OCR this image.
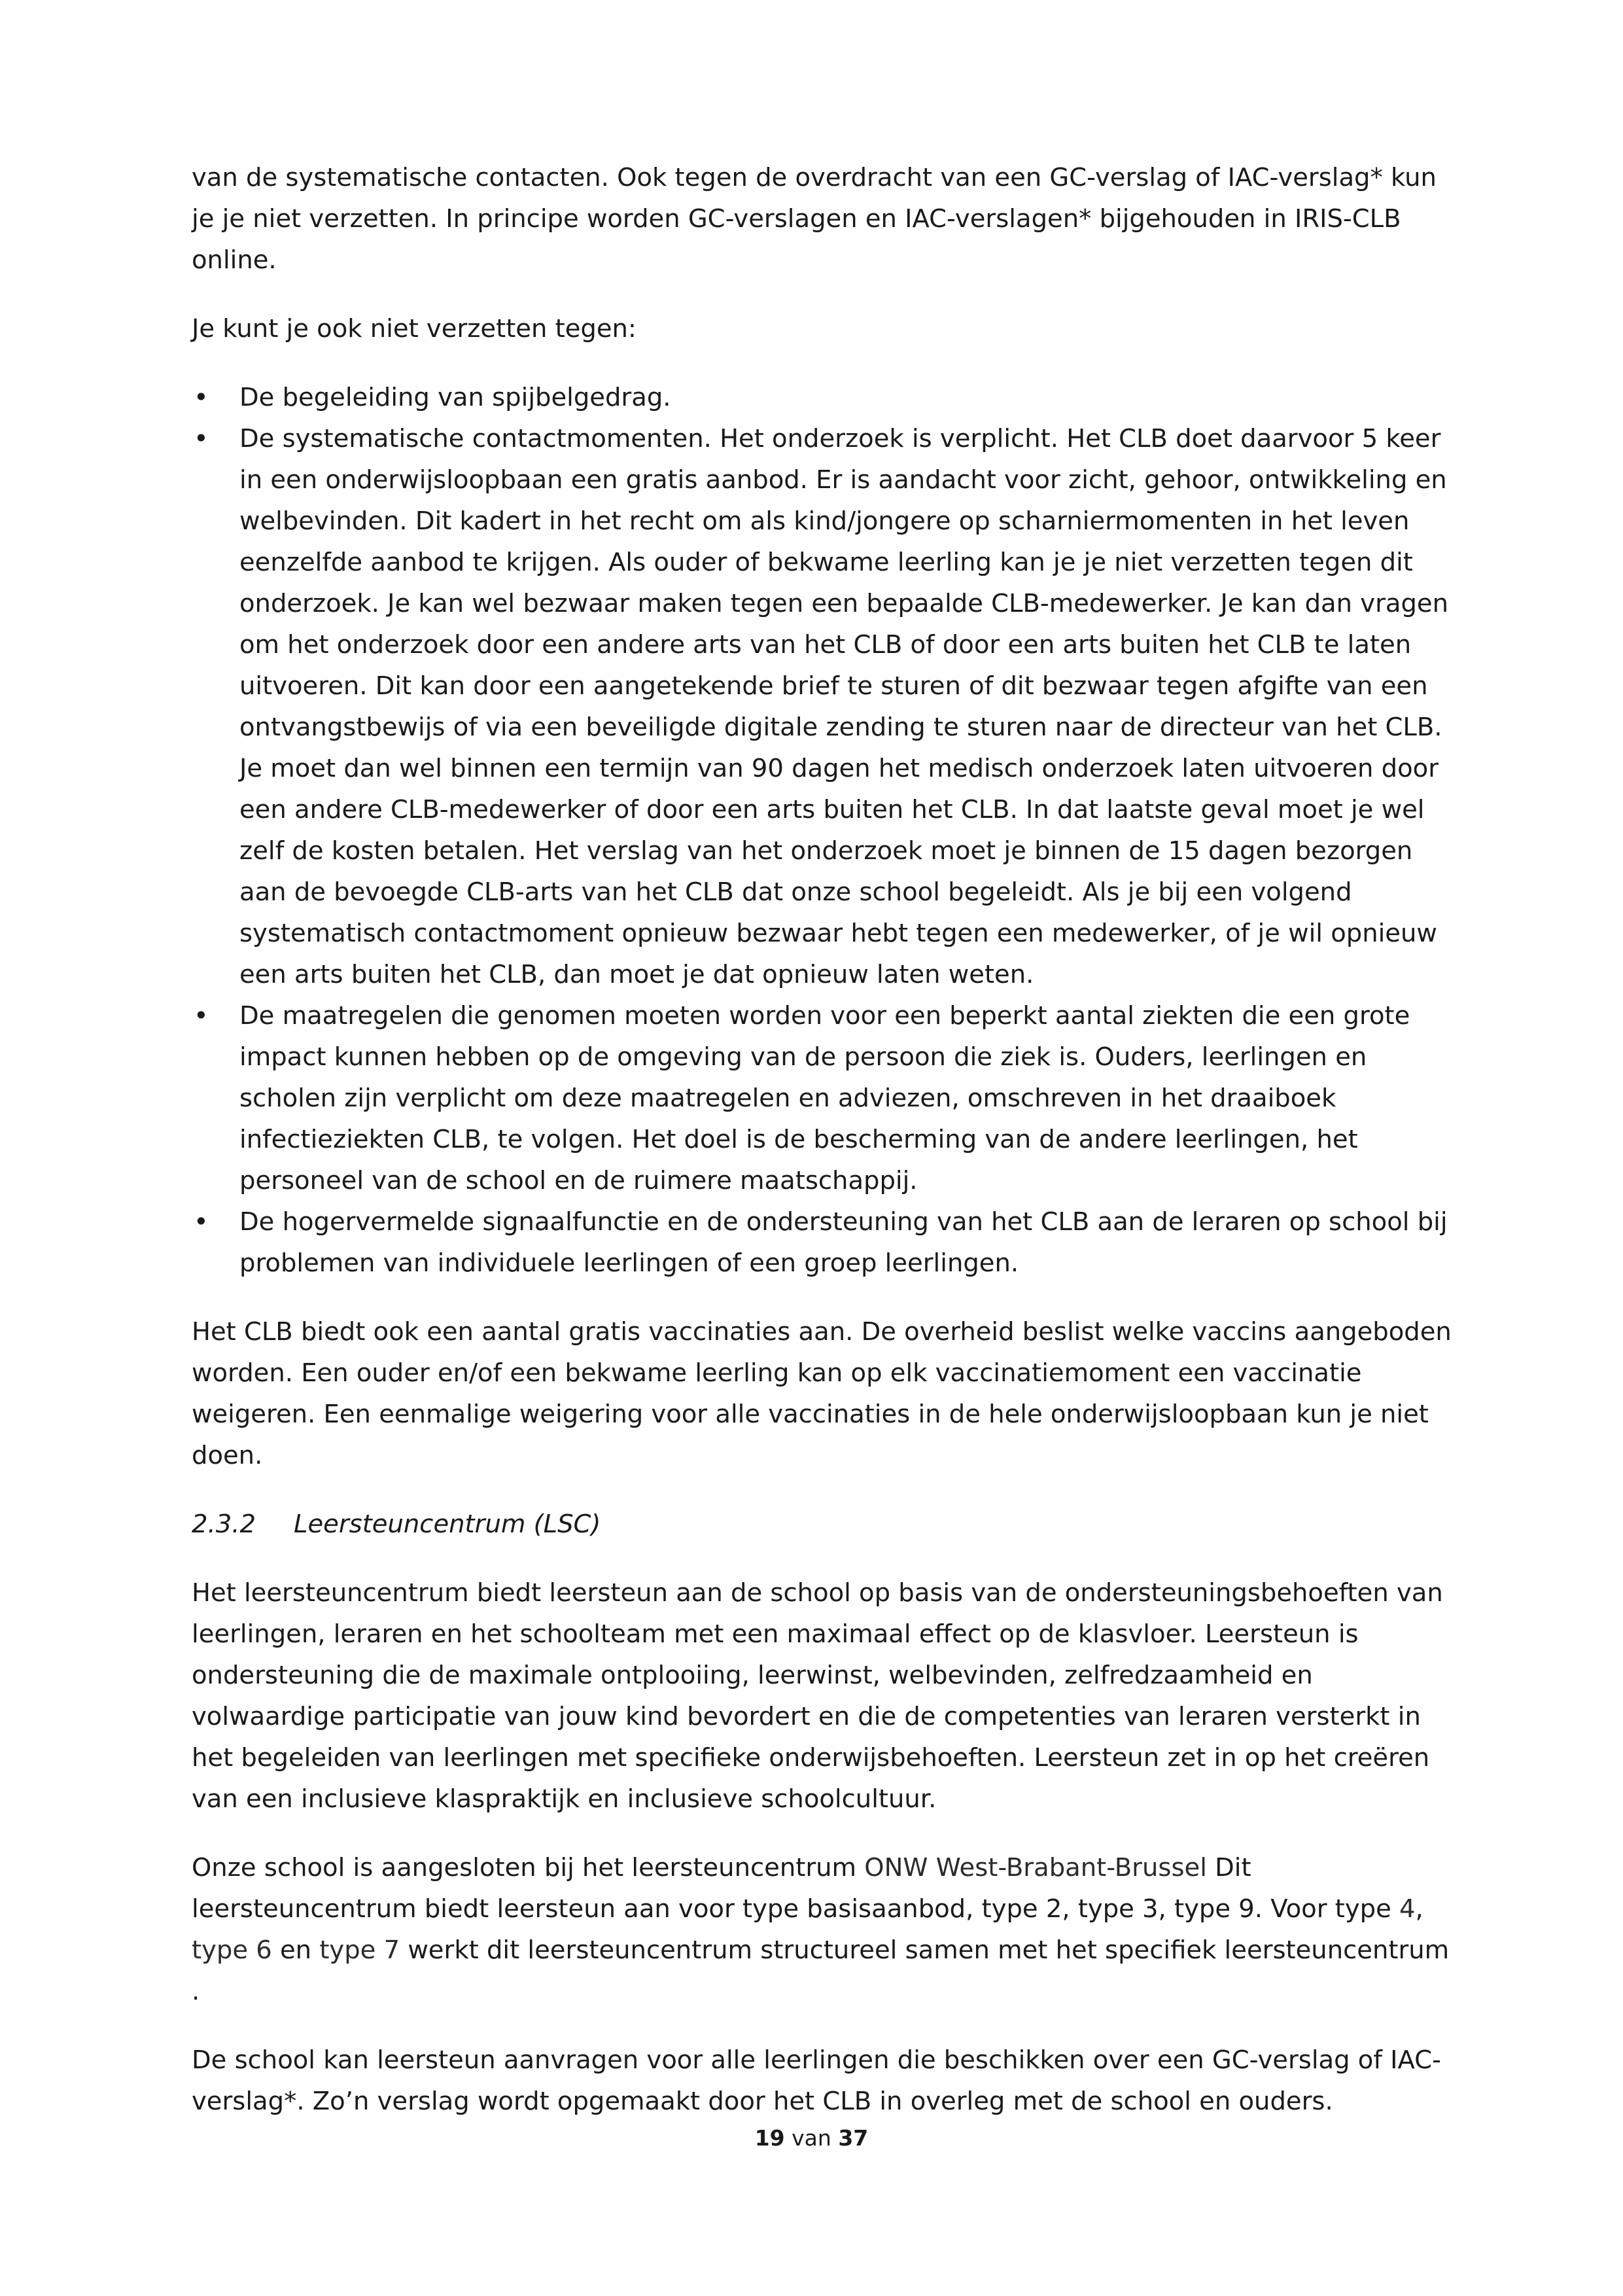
van de systematische contacten. Ook tegen de overdracht van een GC-verslag of IAC-verslag* kun je je niet verzetten. In principe worden GC-verslagen en IAC-verslagen* bijgehouden in IRIS-CLB online.

Je kunt je ook niet verzetten tegen:

• De begeleiding van spijbelgedrag.
• De systematische contactmomenten. Het onderzoek is verplicht. Het CLB doet daarvoor 5 keer in een onderwijsloopbaan een gratis aanbod. Er is aandacht voor zicht, gehoor, ontwikkeling en welbevinden. Dit kadert in het recht om als kind/jongere op scharniermomenten in het leven eenzelfde aanbod te krijgen. Als ouder of bekwame leerling kan je je niet verzetten tegen dit onderzoek. Je kan wel bezwaar maken tegen een bepaalde CLB-medewerker. Je kan dan vragen om het onderzoek door een andere arts van het CLB of door een arts buiten het CLB te laten uitvoeren. Dit kan door een aangetekende brief te sturen of dit bezwaar tegen afgifte van een ontvangstbewijs of via een beveiligde digitale zending te sturen naar de directeur van het CLB. Je moet dan wel binnen een termijn van 90 dagen het medisch onderzoek laten uitvoeren door een andere CLB-medewerker of door een arts buiten het CLB. In dat laatste geval moet je wel zelf de kosten betalen. Het verslag van het onderzoek moet je binnen de 15 dagen bezorgen aan de bevoegde CLB-arts van het CLB dat onze school begeleidt. Als je bij een volgend systematisch contactmoment opnieuw bezwaar hebt tegen een medewerker, of je wil opnieuw een arts buiten het CLB, dan moet je dat opnieuw laten weten.
• De maatregelen die genomen moeten worden voor een beperkt aantal ziekten die een grote impact kunnen hebben op de omgeving van de persoon die ziek is. Ouders, leerlingen en scholen zijn verplicht om deze maatregelen en adviezen, omschreven in het draaiboek infectieziekten CLB, te volgen. Het doel is de bescherming van de andere leerlingen, het personeel van de school en de ruimere maatschappij.
• De hogervermelde signaalfunctie en de ondersteuning van het CLB aan de leraren op school bij problemen van individuele leerlingen of een groep leerlingen.

Het CLB biedt ook een aantal gratis vaccinaties aan. De overheid beslist welke vaccins aangeboden worden. Een ouder en/of een bekwame leerling kan op elk vaccinatiemoment een vaccinatie weigeren. Een eenmalige weigering voor alle vaccinaties in de hele onderwijsloopbaan kun je niet doen.

2.3.2 Leersteuncentrum (LSC)

Het leersteuncentrum biedt leersteun aan de school op basis van de ondersteuningsbehoeften van leerlingen, leraren en het schoolteam met een maximaal effect op de klasvloer. Leersteun is ondersteuning die de maximale ontplooiing, leerwinst, welbevinden, zelfredzaamheid en volwaardige participatie van jouw kind bevordert en die de competenties van leraren versterkt in het begeleiden van leerlingen met specifieke onderwijsbehoeften. Leersteun zet in op het creëren van een inclusieve klaspraktijk en inclusieve schoolcultuur.

Onze school is aangesloten bij het leersteuncentrum ONW West-Brabant-Brussel Dit leersteuncentrum biedt leersteun aan voor type basisaanbod, type 2, type 3, type 9. Voor type 4, type 6 en type 7 werkt dit leersteuncentrum structureel samen met het specifiek leersteuncentrum .

De school kan leersteun aanvragen voor alle leerlingen die beschikken over een GC-verslag of IAC-verslag*. Zo’n verslag wordt opgemaakt door het CLB in overleg met de school en ouders.

19 van 37
